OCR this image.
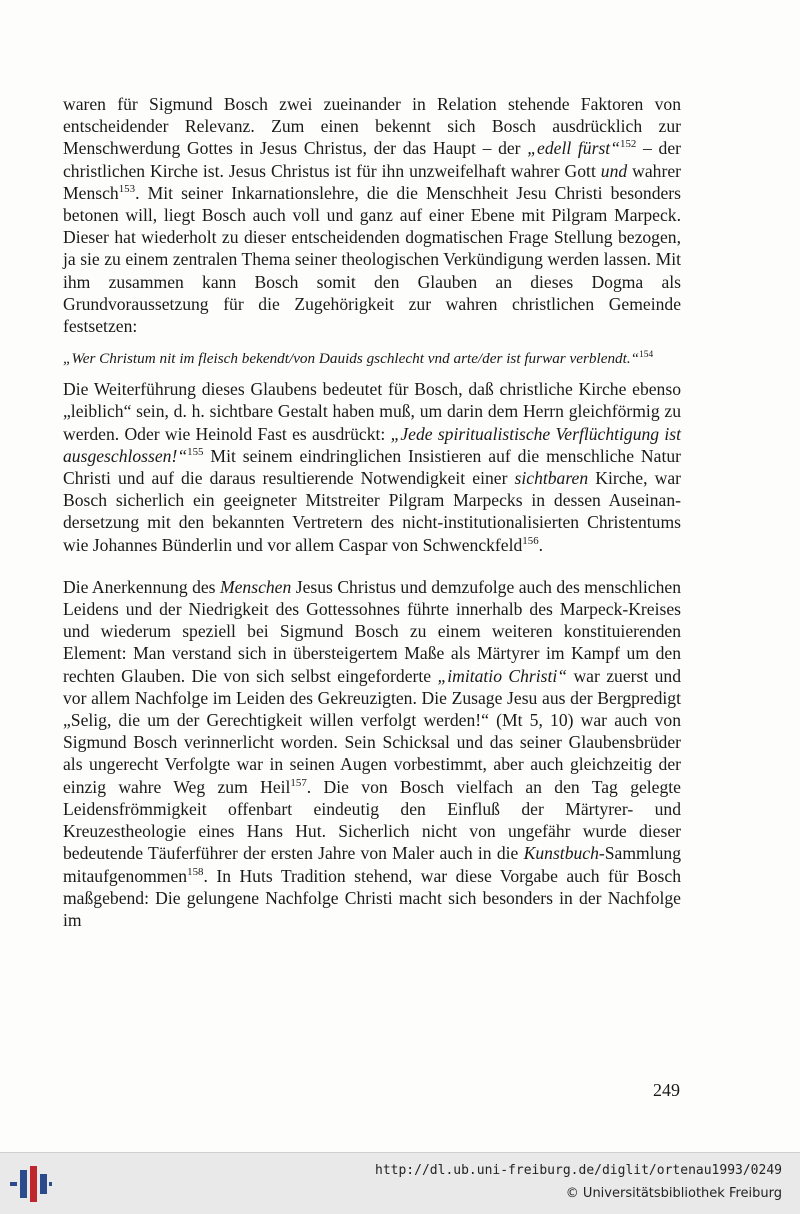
waren für Sigmund Bosch zwei zueinander in Relation stehende Faktoren von entscheidender Relevanz. Zum einen bekennt sich Bosch ausdrücklich zur Menschwerdung Gottes in Jesus Christus, der das Haupt – der „edell fürst“$^{152}$ – der christlichen Kirche ist. Jesus Christus ist für ihn unzweifelhaft wahrer Gott und wahrer Mensch$^{153}$. Mit seiner Inkarnationslehre, die die Menschheit Jesu Christi besonders betonen will, liegt Bosch auch voll und ganz auf einer Ebene mit Pilgram Marpeck. Dieser hat wiederholt zu dieser entscheidenden dogmatischen Frage Stellung bezogen, ja sie zu einem zentralen Thema seiner theologischen Verkündigung werden lassen. Mit ihm zusammen kann Bosch somit den Glauben an dieses Dogma als Grundvoraussetzung für die Zugehörigkeit zur wahren christlichen Gemeinde festsetzen:

„Wer Christum nit im fleisch bekendt/von Dauids gschlecht vnd arte/der ist furwar verblendt.“$^{154}$

Die Weiterführung dieses Glaubens bedeutet für Bosch, daß christliche Kirche ebenso „leiblich“ sein, d. h. sichtbare Gestalt haben muß, um darin dem Herrn gleichförmig zu werden. Oder wie Heinold Fast es ausdrückt: „Jede spiritualistische Verflüchtigung ist ausgeschlossen!“$^{155}$ Mit seinem eindringlichen Insistieren auf die menschliche Natur Christi und auf die daraus resultierende Notwendigkeit einer sichtbaren Kirche, war Bosch sicherlich ein geeigneter Mitstreiter Pilgram Marpecks in dessen Auseinandersetzung mit den bekannten Vertretern des nicht-institutionalisierten Christentums wie Johannes Bünderlin und vor allem Caspar von Schwenckfeld$^{156}$.

Die Anerkennung des Menschen Jesus Christus und demzufolge auch des menschlichen Leidens und der Niedrigkeit des Gottessohnes führte innerhalb des Marpeck-Kreises und wiederum speziell bei Sigmund Bosch zu einem weiteren konstituierenden Element: Man verstand sich in übersteigertem Maße als Märtyrer im Kampf um den rechten Glauben. Die von sich selbst eingeforderte „imitatio Christi“ war zuerst und vor allem Nachfolge im Leiden des Gekreuzigten. Die Zusage Jesu aus der Bergpredigt „Selig, die um der Gerechtigkeit willen verfolgt werden!“ (Mt 5, 10) war auch von Sigmund Bosch verinnerlicht worden. Sein Schicksal und das seiner Glaubensbrüder als ungerecht Verfolgte war in seinen Augen vorbestimmt, aber auch gleichzeitig der einzig wahre Weg zum Heil$^{157}$. Die von Bosch vielfach an den Tag gelegte Leidensfrömmigkeit offenbart eindeutig den Einfluß der Märtyrer- und Kreuzestheologie eines Hans Hut. Sicherlich nicht von ungefähr wurde dieser bedeutende Täuferführer der ersten Jahre von Maler auch in die Kunstbuch-Sammlung mitaufgenommen$^{158}$. In Huts Tradition stehend, war diese Vorgabe auch für Bosch maßgebend: Die gelungene Nachfolge Christi macht sich besonders in der Nachfolge im

249
http://dl.ub.uni-freiburg.de/diglit/ortenau1993/0249
© Universitätsbibliothek Freiburg
